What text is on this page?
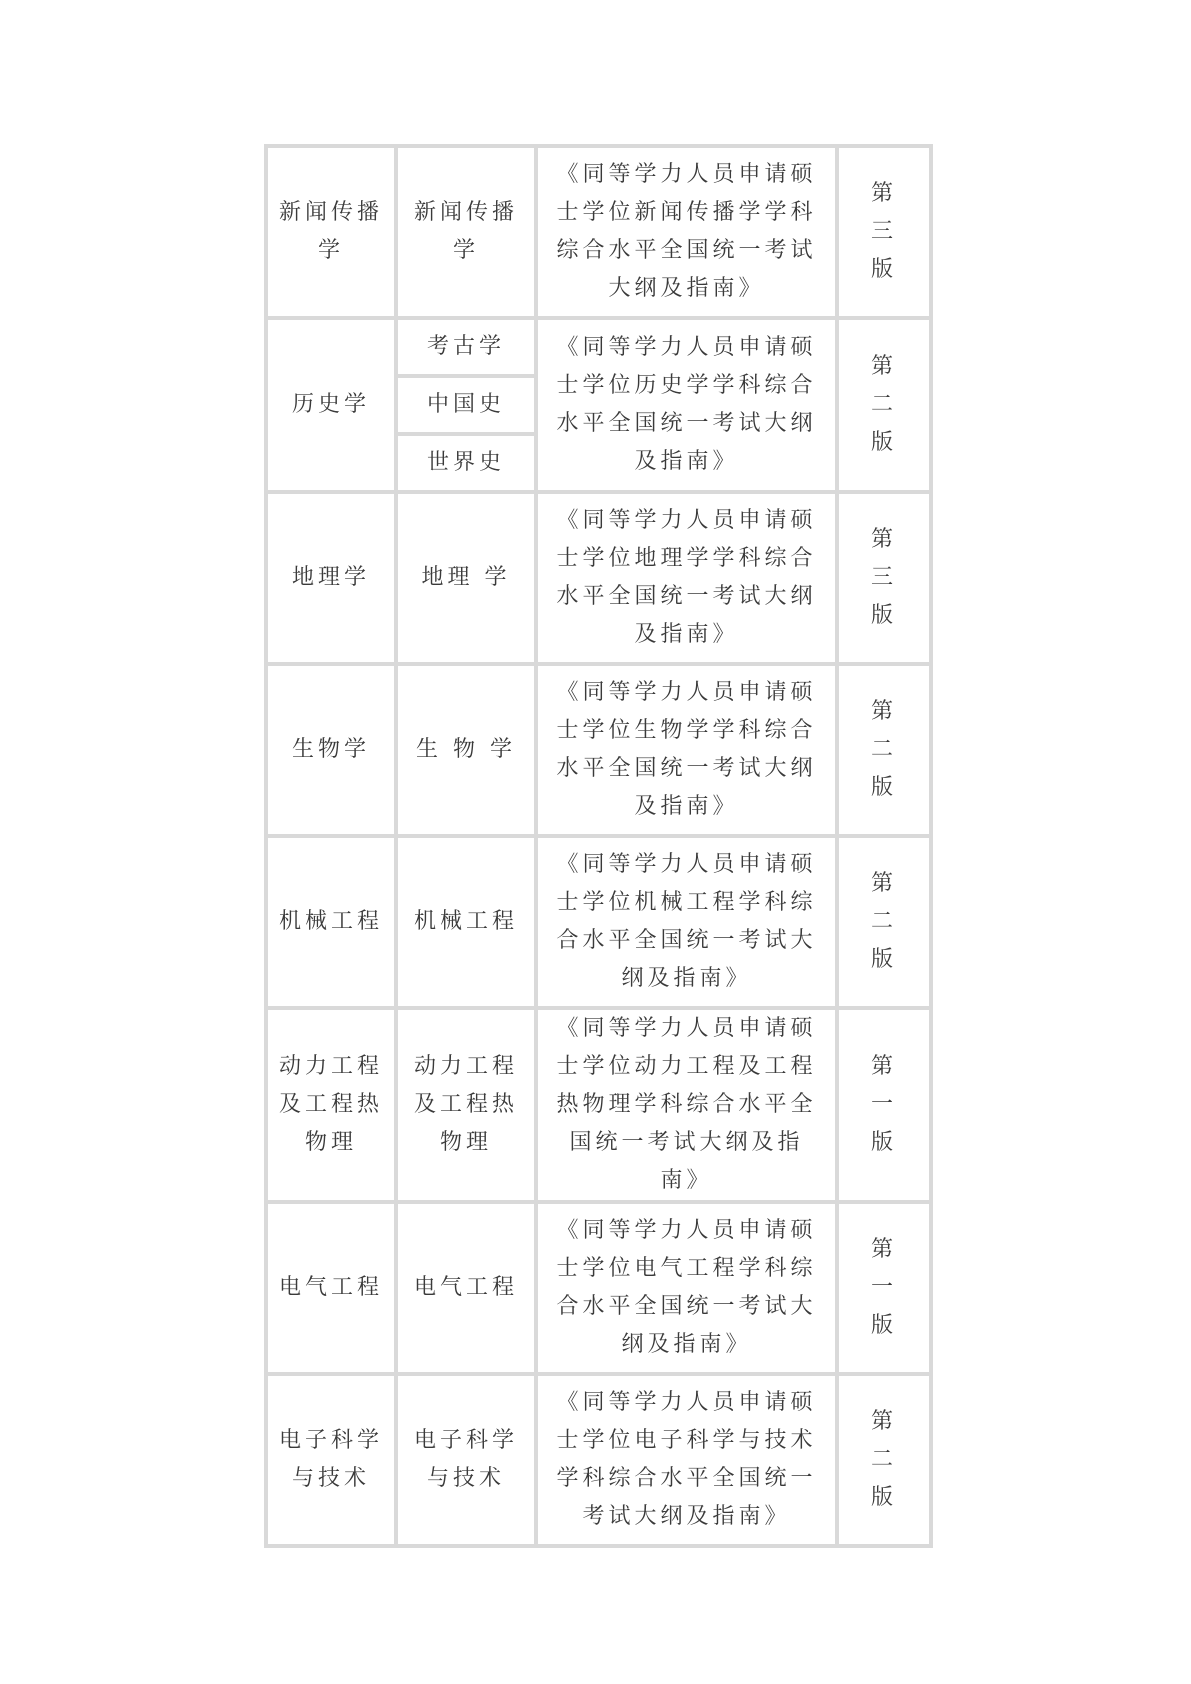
新闻传播学	新闻传播学	《同等学力人员申请硕士学位新闻传播学学科综合水平全国统一考试大纲及指南》	第三版
历史学	考古学	《同等学力人员申请硕士学位历史学学科综合水平全国统一考试大纲及指南》	第二版
	中国史		
	世界史		
地理学	地理 学	《同等学力人员申请硕士学位地理学学科综合水平全国统一考试大纲及指南》	第三版
生物学	生 物 学	《同等学力人员申请硕士学位生物学学科综合水平全国统一考试大纲及指南》	第二版
机械工程	机械工程	《同等学力人员申请硕士学位机械工程学科综合水平全国统一考试大纲及指南》	第二版
动力工程及工程热物理	动力工程及工程热物理	《同等学力人员申请硕士学位动力工程及工程热物理学科综合水平全国统一考试大纲及指南》	第一版
电气工程	电气工程	《同等学力人员申请硕士学位电气工程学科综合水平全国统一考试大纲及指南》	第一版
电子科学与技术	电子科学与技术	《同等学力人员申请硕士学位电子科学与技术学科综合水平全国统一考试大纲及指南》	第二版
